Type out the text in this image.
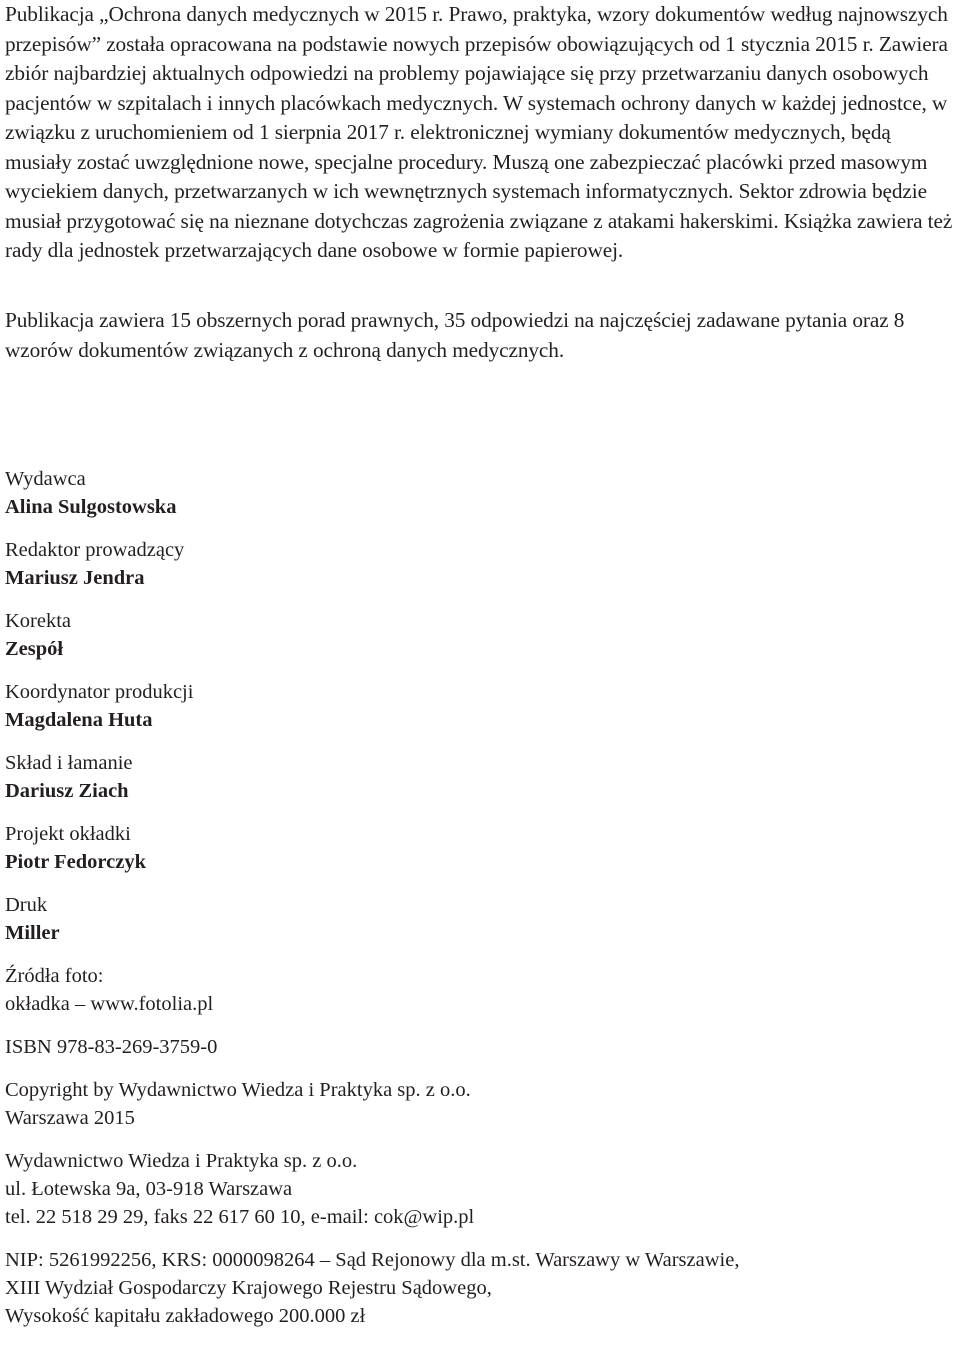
Publikacja „Ochrona danych medycznych w 2015 r. Prawo, praktyka, wzory dokumentów według najnowszych przepisów” została opracowana na podstawie nowych przepisów obowiązujących od 1 stycznia 2015 r. Zawiera zbiór najbardziej aktualnych odpowiedzi na problemy pojawiające się przy przetwarzaniu danych osobowych pacjentów w szpitalach i innych placówkach medycznych. W systemach ochrony danych w każdej jednostce, w związku z uruchomieniem od 1 sierpnia 2017 r. elektronicznej wymiany dokumentów medycznych, będą musiały zostać uwzględnione nowe, specjalne procedury. Muszą one zabezpieczać placówki przed masowym wyciekiem danych, przetwarzanych w ich wewnętrznych systemach informatycznych. Sektor zdrowia będzie musiał przygotować się na nieznane dotychczas zagrożenia związane z atakami hakerskimi. Książka zawiera też rady dla jednostek przetwarzających dane osobowe w formie papierowej.

Publikacja zawiera 15 obszernych porad prawnych, 35 odpowiedzi na najczęściej zadawane pytania oraz 8 wzorów dokumentów związanych z ochroną danych medycznych.

Wydawca
Alina Sulgostowska
Redaktor prowadzący
Mariusz Jendra
Korekta
Zespół
Koordynator produkcji
Magdalena Huta
Skład i łamanie
Dariusz Ziach
Projekt okładki
Piotr Fedorczyk
Druk
Miller
Źródła foto:
okładka – www.fotolia.pl
ISBN 978-83-269-3759-0
Copyright by Wydawnictwo Wiedza i Praktyka sp. z o.o.
Warszawa 2015
Wydawnictwo Wiedza i Praktyka sp. z o.o.
ul. Łotewska 9a, 03-918 Warszawa
tel. 22 518 29 29, faks 22 617 60 10, e-mail: cok@wip.pl
NIP: 5261992256, KRS: 0000098264 – Sąd Rejonowy dla m.st. Warszawy w Warszawie,
XIII Wydział Gospodarczy Krajowego Rejestru Sądowego,
Wysokość kapitału zakładowego 200.000 zł
